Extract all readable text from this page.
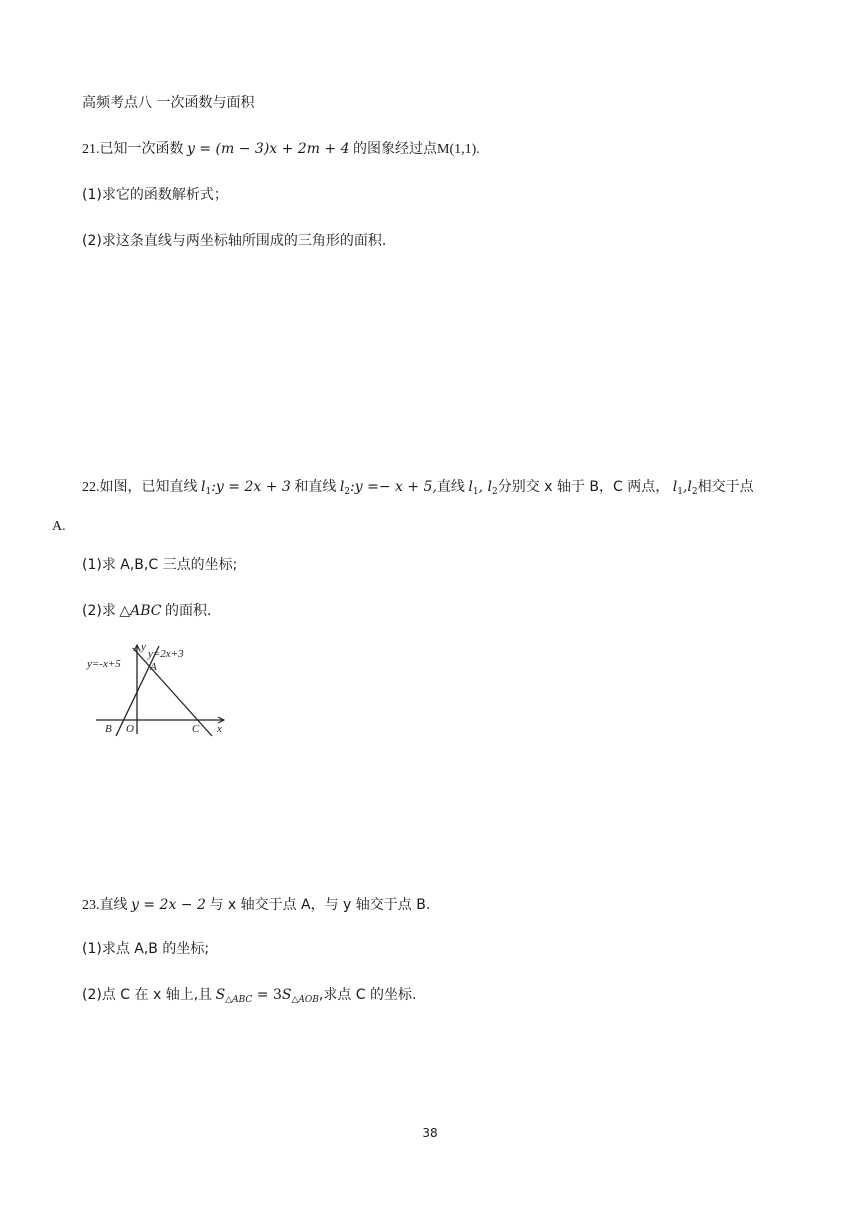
高频考点八 一次函数与面积
21.已知一次函数 y = (m − 3)x + 2m + 4 的图象经过点M(1,1).
(1)求它的函数解析式；
(2)求这条直线与两坐标轴所围成的三角形的面积.
22.如图，已知直线 $l_1:y = 2x + 3$ 和直线 $l_2:y =- x + 5$,直线 $l_1$, $l_2$分别交 x 轴于 B，C 两点， $l_1,l_2$相交于点
A.
(1)求 A,B,C 三点的坐标;
(2)求 △ABC 的面积.
y=2x+3
y=-x+5
y
A
B O	C x
23.直线 y = 2x − 2 与 x 轴交于点 A，与 y 轴交于点 B.
(1)求点 A,B 的坐标;
(2)点 C 在 x 轴上,且 $S_{\triangle ABC} = 3S_{\triangle AOB}$,求点 C 的坐标.
38
